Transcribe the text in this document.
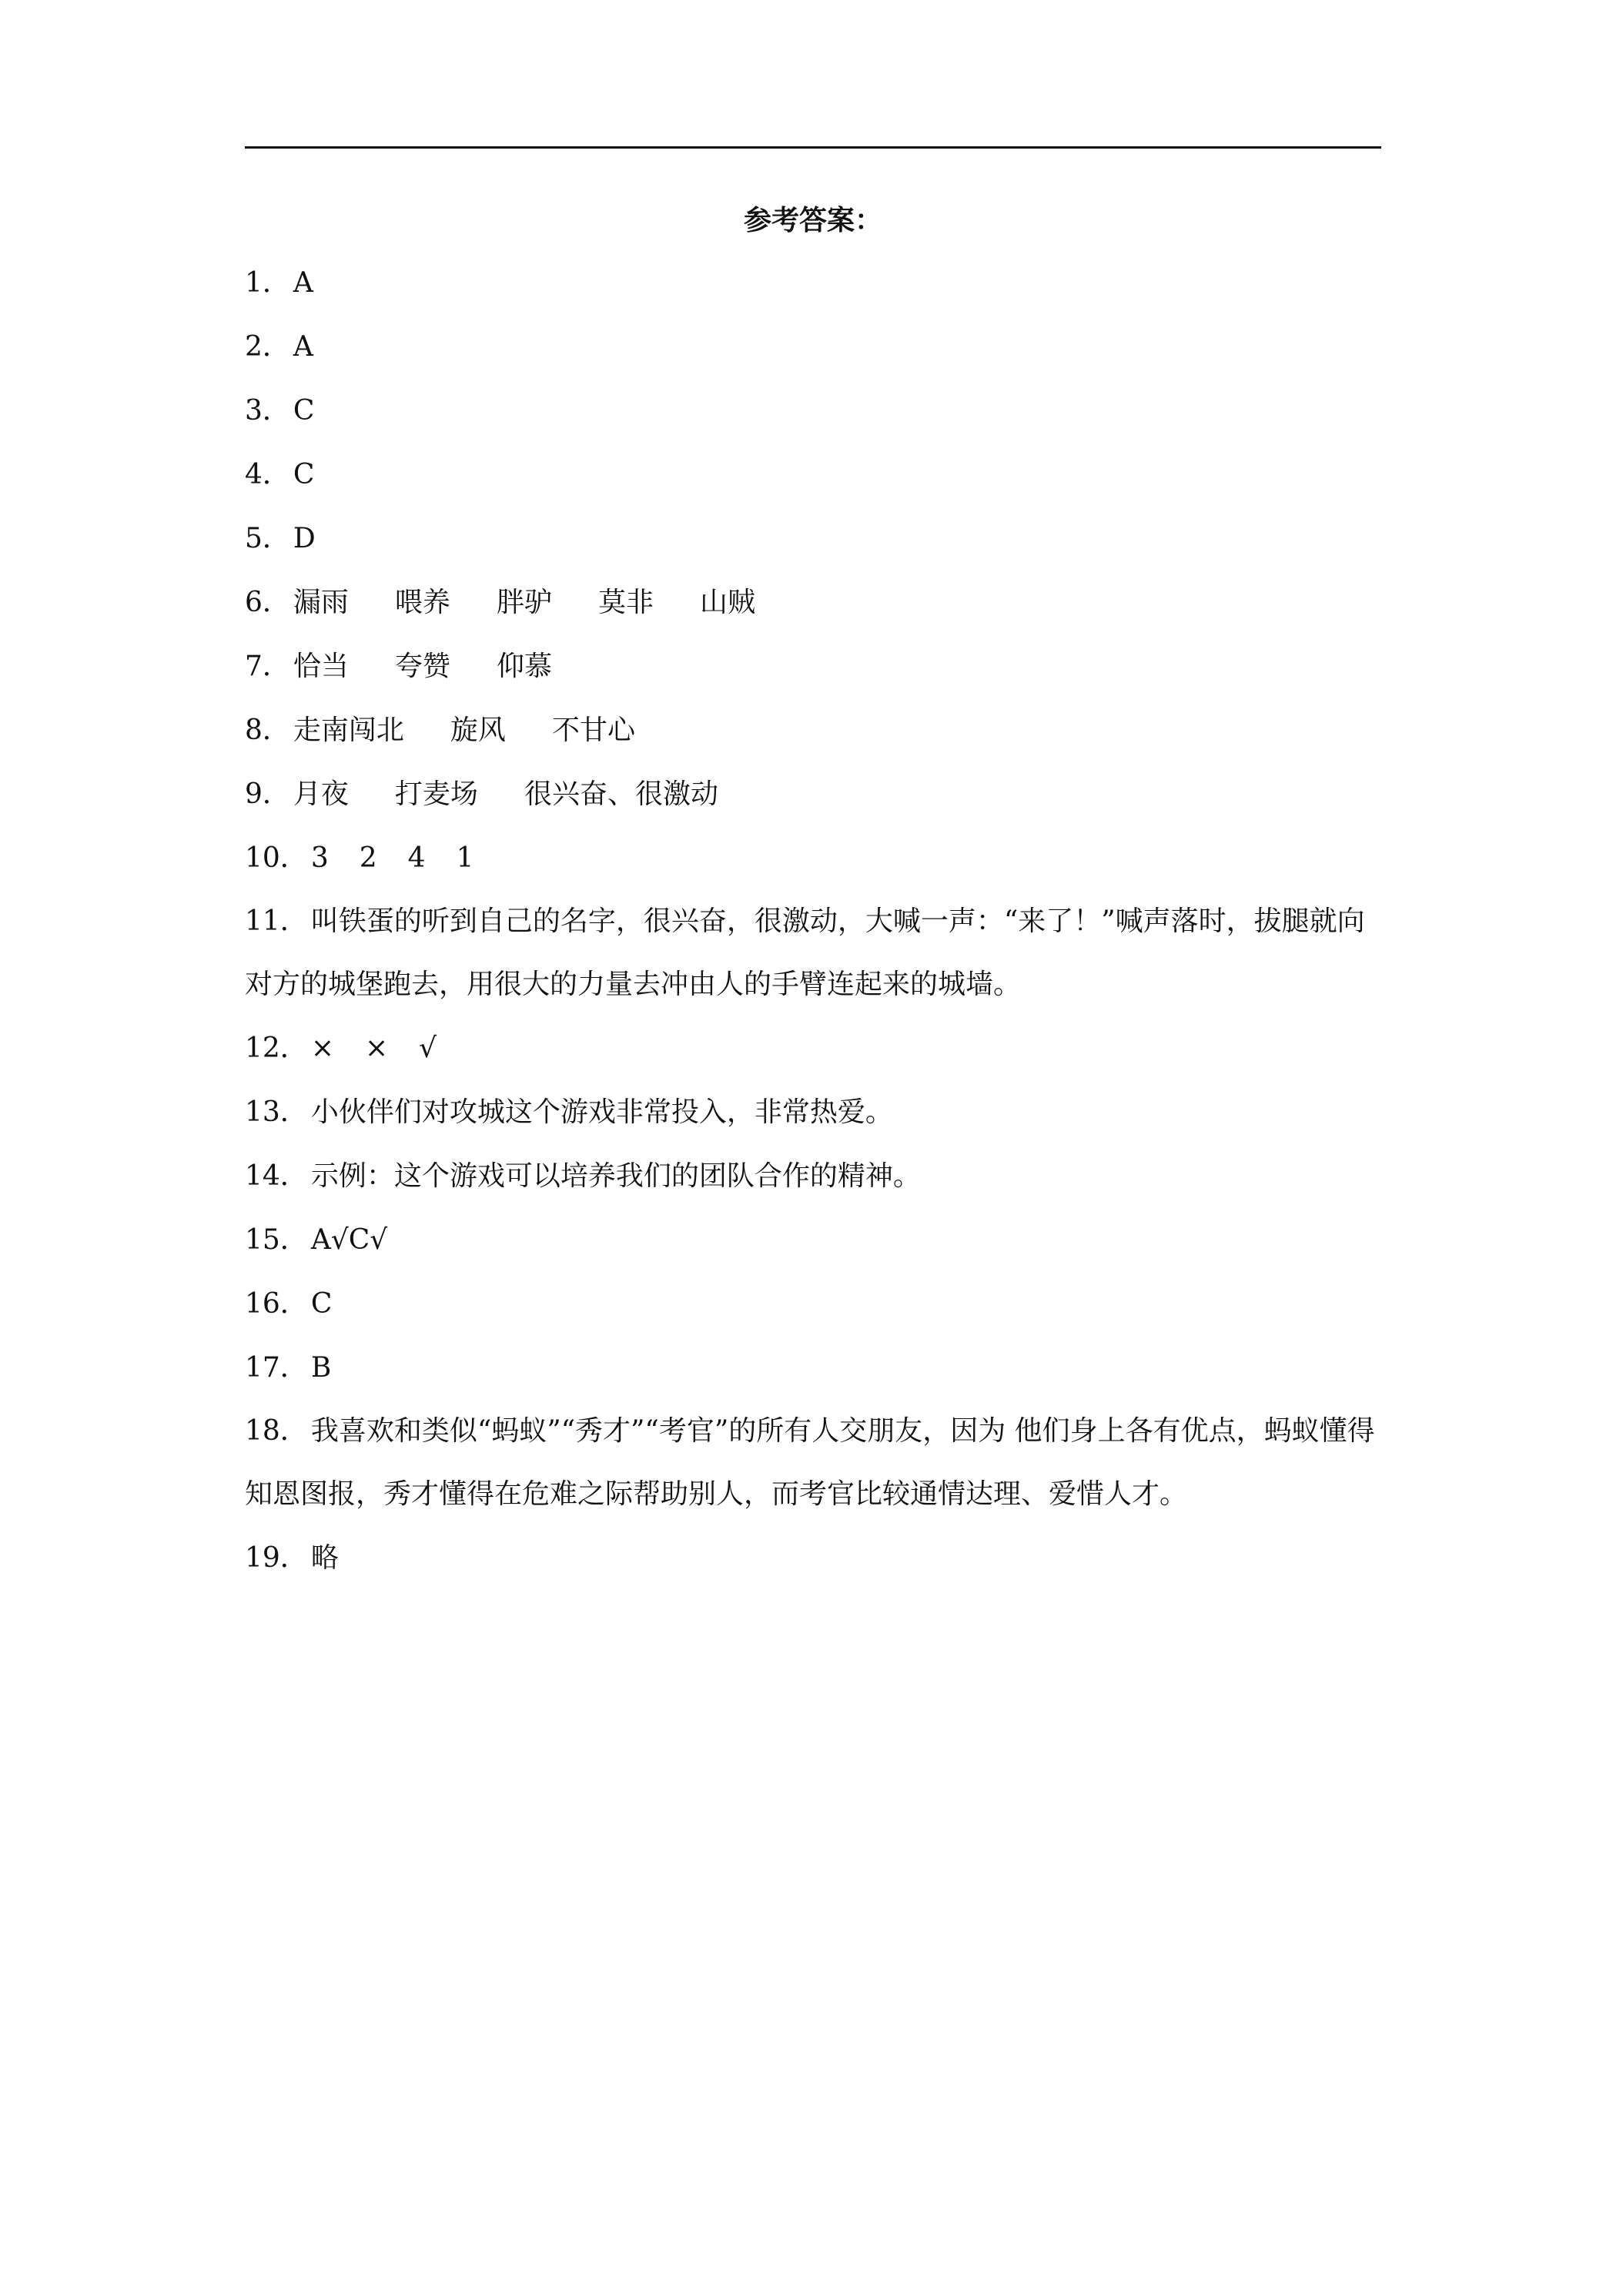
参考答案：
1． A
2． A
3． C
4． C
5． D
6． 漏雨 喂养 胖驴 莫非 山贼
7． 恰当 夸赞 仰慕
8． 走南闯北 旋风 不甘心
9． 月夜 打麦场 很兴奋、很激动
10． 3 2 4 1
11． 叫铁蛋的听到自己的名字，很兴奋，很激动，大喊一声：“来了！”喊声落时，拔腿就向对方的城堡跑去，用很大的力量去冲由人的手臂连起来的城墙。
12． × × √
13． 小伙伴们对攻城这个游戏非常投入，非常热爱。
14． 示例：这个游戏可以培养我们的团队合作的精神。
15． A√C√
16． C
17． B
18． 我喜欢和类似“蚂蚁”“秀才”“考官”的所有人交朋友，因为 他们身上各有优点，蚂蚁懂得知恩图报，秀才懂得在危难之际帮助别人，而考官比较通情达理、爱惜人才。
19． 略
